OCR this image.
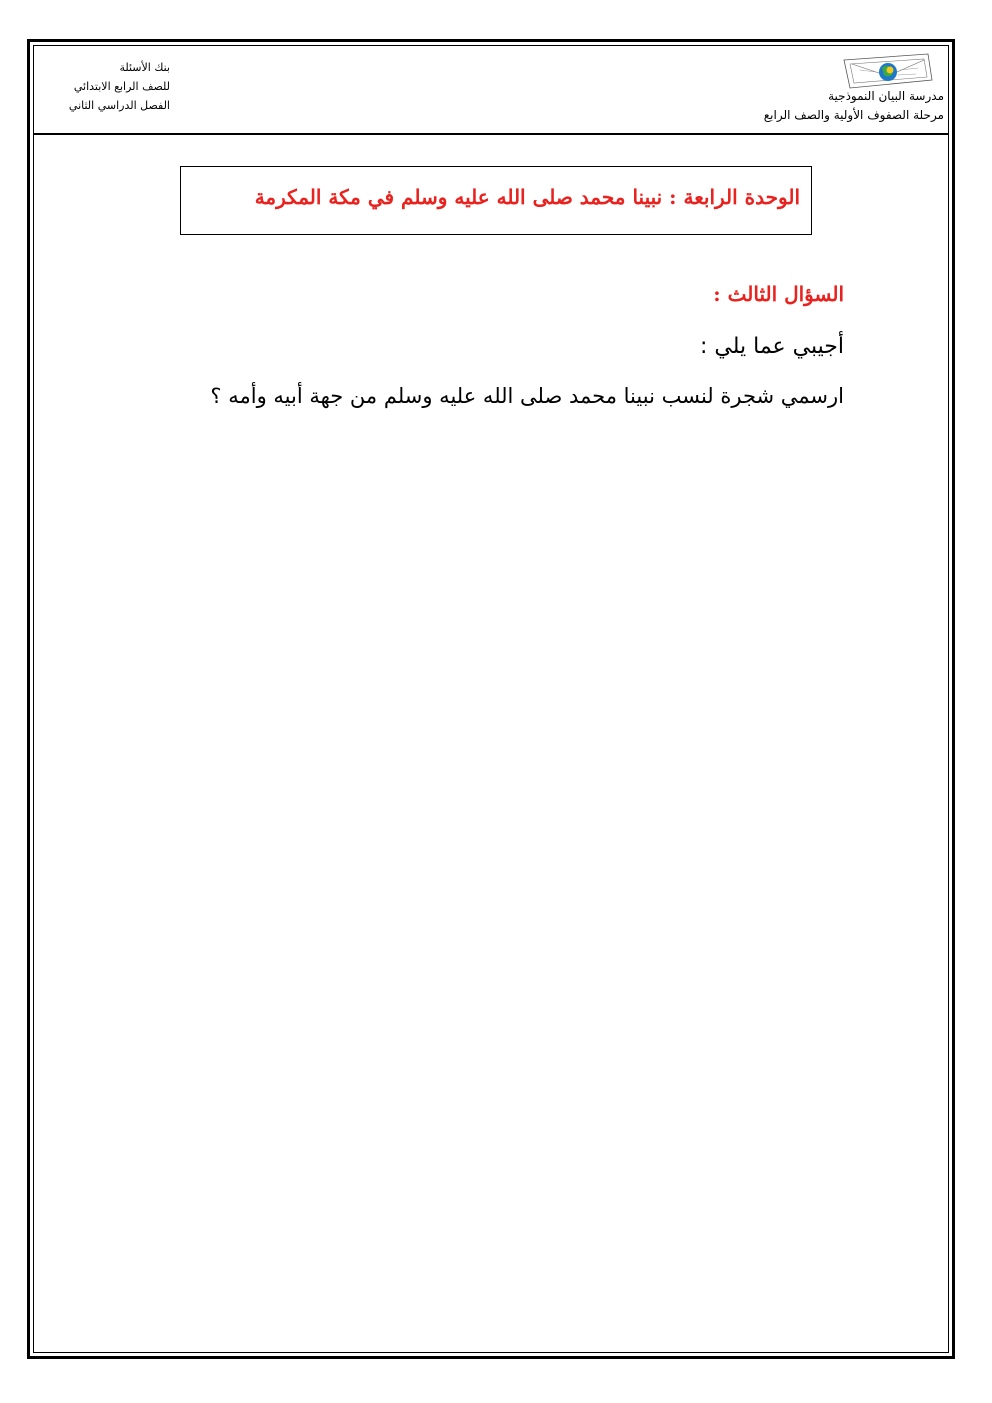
مدرسة البيان النموذجية
مرحلة الصفوف الأولية والصف الرابع
بنك الأسئلة
للصف الرابع الابتدائي
الفصل الدراسي الثاني
الوحدة الرابعة : نبينا محمد صلى الله عليه وسلم في مكة المكرمة
السؤال الثالث :
أجيبي عما يلي :
ارسمي شجرة لنسب نبينا محمد صلى الله عليه وسلم من جهة أبيه وأمه ؟
